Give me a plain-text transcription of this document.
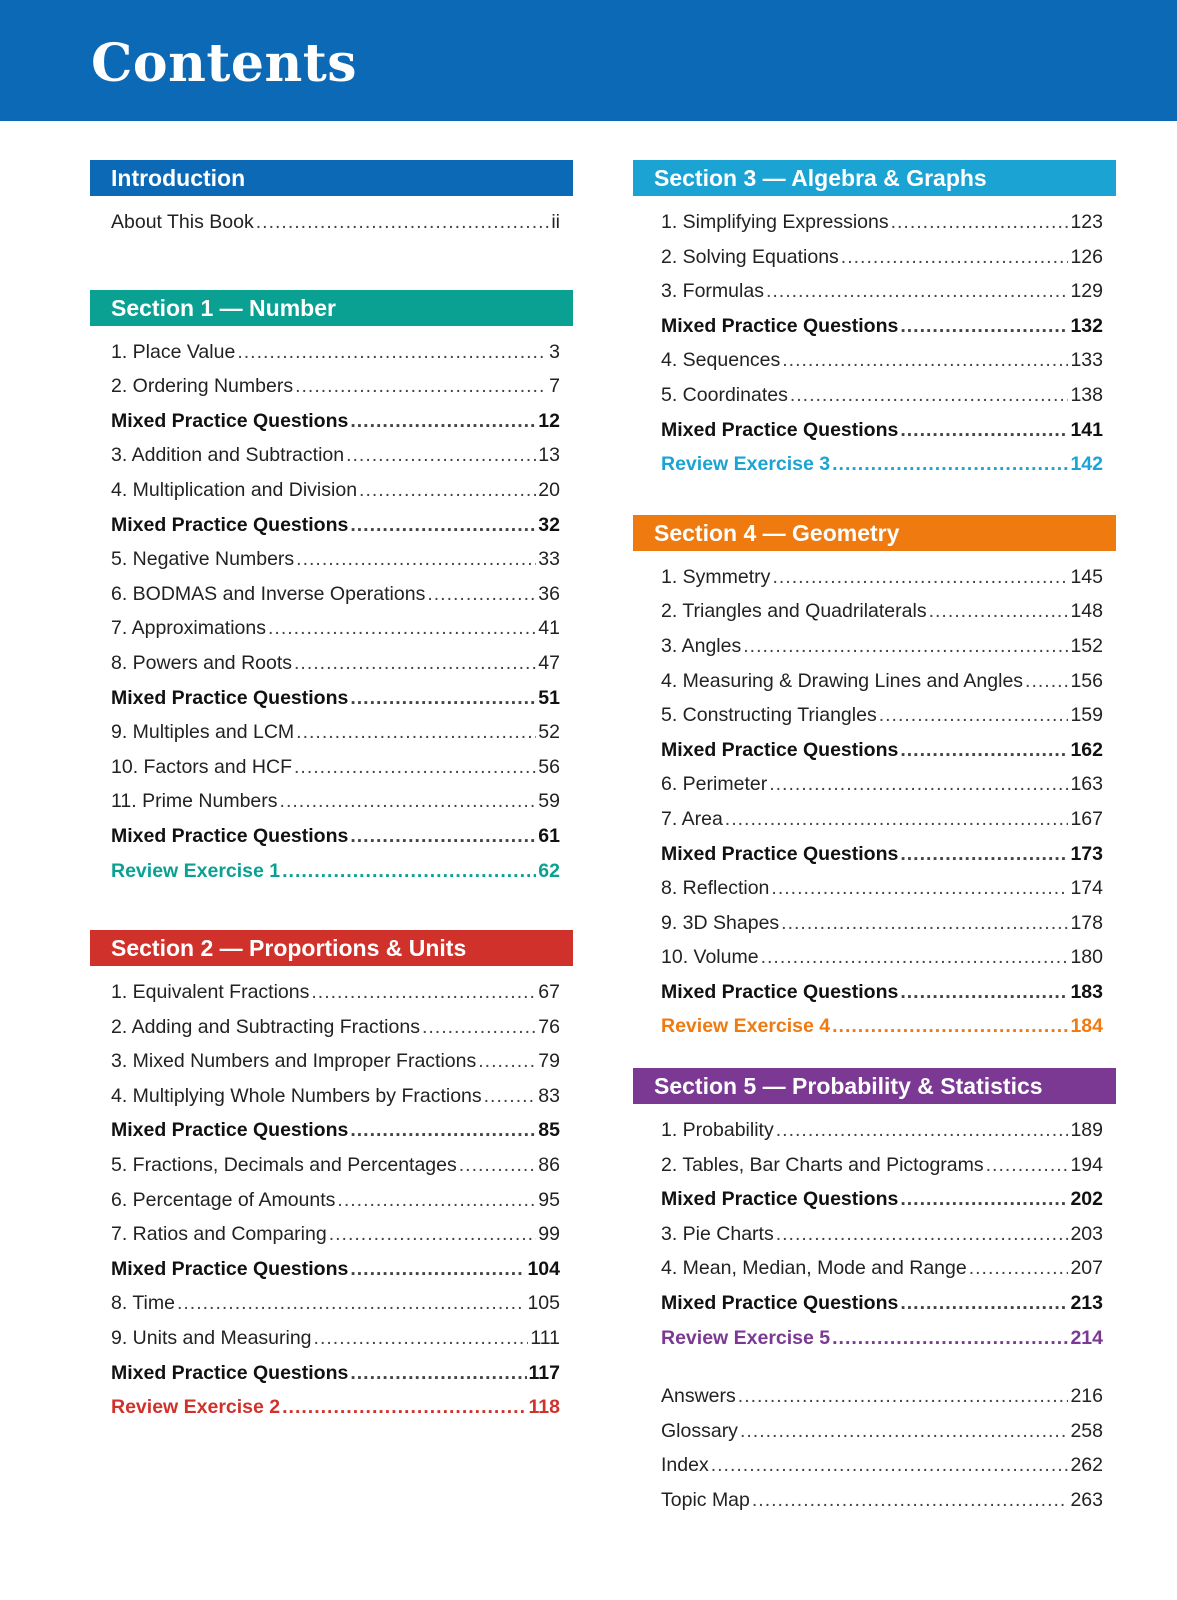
Contents
Introduction
About This Book .....	ii
Section 1 — Number
1. Place Value .....	3
2. Ordering Numbers .....	7
Mixed Practice Questions .....	12
3. Addition and Subtraction .....	13
4. Multiplication and Division .....	20
Mixed Practice Questions .....	32
5. Negative Numbers .....	33
6. BODMAS and Inverse Operations .....	36
7. Approximations .....	41
8. Powers and Roots .....	47
Mixed Practice Questions .....	51
9. Multiples and LCM .....	52
10. Factors and HCF .....	56
11. Prime Numbers .....	59
Mixed Practice Questions .....	61
Review Exercise 1 .....	62
Section 2 — Proportions & Units
1. Equivalent Fractions .....	67
2. Adding and Subtracting Fractions .....	76
3. Mixed Numbers and Improper Fractions .....	79
4. Multiplying Whole Numbers by Fractions .....	83
Mixed Practice Questions .....	85
5. Fractions, Decimals and Percentages .....	86
6. Percentage of Amounts .....	95
7. Ratios and Comparing .....	99
Mixed Practice Questions .....	104
8. Time .....	105
9. Units and Measuring .....	111
Mixed Practice Questions .....	117
Review Exercise 2 .....	118
Section 3 — Algebra & Graphs
1. Simplifying Expressions .....	123
2. Solving Equations .....	126
3. Formulas .....	129
Mixed Practice Questions .....	132
4. Sequences .....	133
5. Coordinates .....	138
Mixed Practice Questions .....	141
Review Exercise 3 .....	142
Section 4 — Geometry
1. Symmetry .....	145
2. Triangles and Quadrilaterals .....	148
3. Angles .....	152
4. Measuring & Drawing Lines and Angles ..... 156
5. Constructing Triangles .....	159
Mixed Practice Questions .....	162
6. Perimeter .....	163
7. Area .....	167
Mixed Practice Questions .....	173
8. Reflection .....	174
9. 3D Shapes .....	178
10. Volume .....	180
Mixed Practice Questions .....	183
Review Exercise 4 .....	184
Section 5 — Probability & Statistics
1. Probability .....	189
2. Tables, Bar Charts and Pictograms .....	194
Mixed Practice Questions .....	202
3. Pie Charts .....	203
4. Mean, Median, Mode and Range .....	207
Mixed Practice Questions .....	213
Review Exercise 5 .....	214
Answers .....	216
Glossary .....	258
Index .....	262
Topic Map .....	263
